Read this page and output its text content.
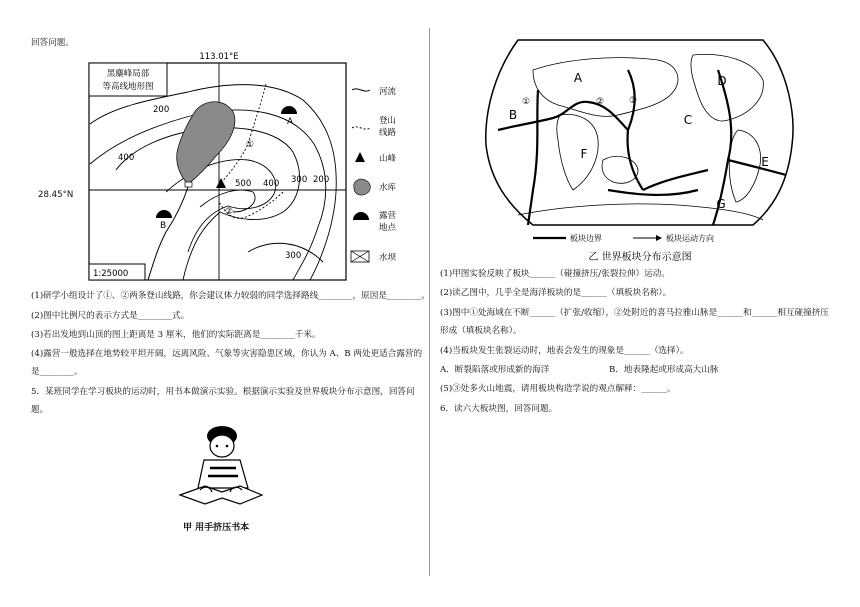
回答问题。
黑麋峰局部
等高线地形图
113.01°E
200
400
300 200
500 400
300
①
②
A
B
1:25000
河流
登山
线路
山峰
水库
露营
地点
水坝
28.45°N
(1)研学小组设计了①、②两条登山线路，你会建议体力较弱的同学选择路线________，原因是________。
(2)图中比例尺的表示方式是________式。
(3)若出发地到山顶的图上距离是 3 厘米，他们的实际距离是________千米。
(4)露营一般选择在地势较平坦开阔，远离风险、气象等灾害隐患区域，你认为 A、B 两处更适合露营的
是________。
5．某班同学在学习板块的运动时，用书本做演示实验。根据演示实验及世界板块分布示意图，回答问
题。
甲 用手挤压书本
A
B	C
D
E
F
G
①	②	③
板块边界	板块运动方向
乙 世界板块分布示意图
(1)甲图实验反映了板块______（碰撞挤压/张裂拉伸）运动。
(2)读乙图中，几乎全是海洋板块的是______（填板块名称）。
(3)图中①处海域在不断______（扩张/收缩），②处附近的喜马拉雅山脉是______和______相互碰撞挤压
形成（填板块名称）。
(4)当板块发生张裂运动时，地表会发生的现象是______（选择）。
A．断裂陷落或形成新的海洋	B．地表隆起或形成高大山脉
(5)③处多火山地震，请用板块构造学说的观点解释：______。
6．读六大板块图，回答问题。
